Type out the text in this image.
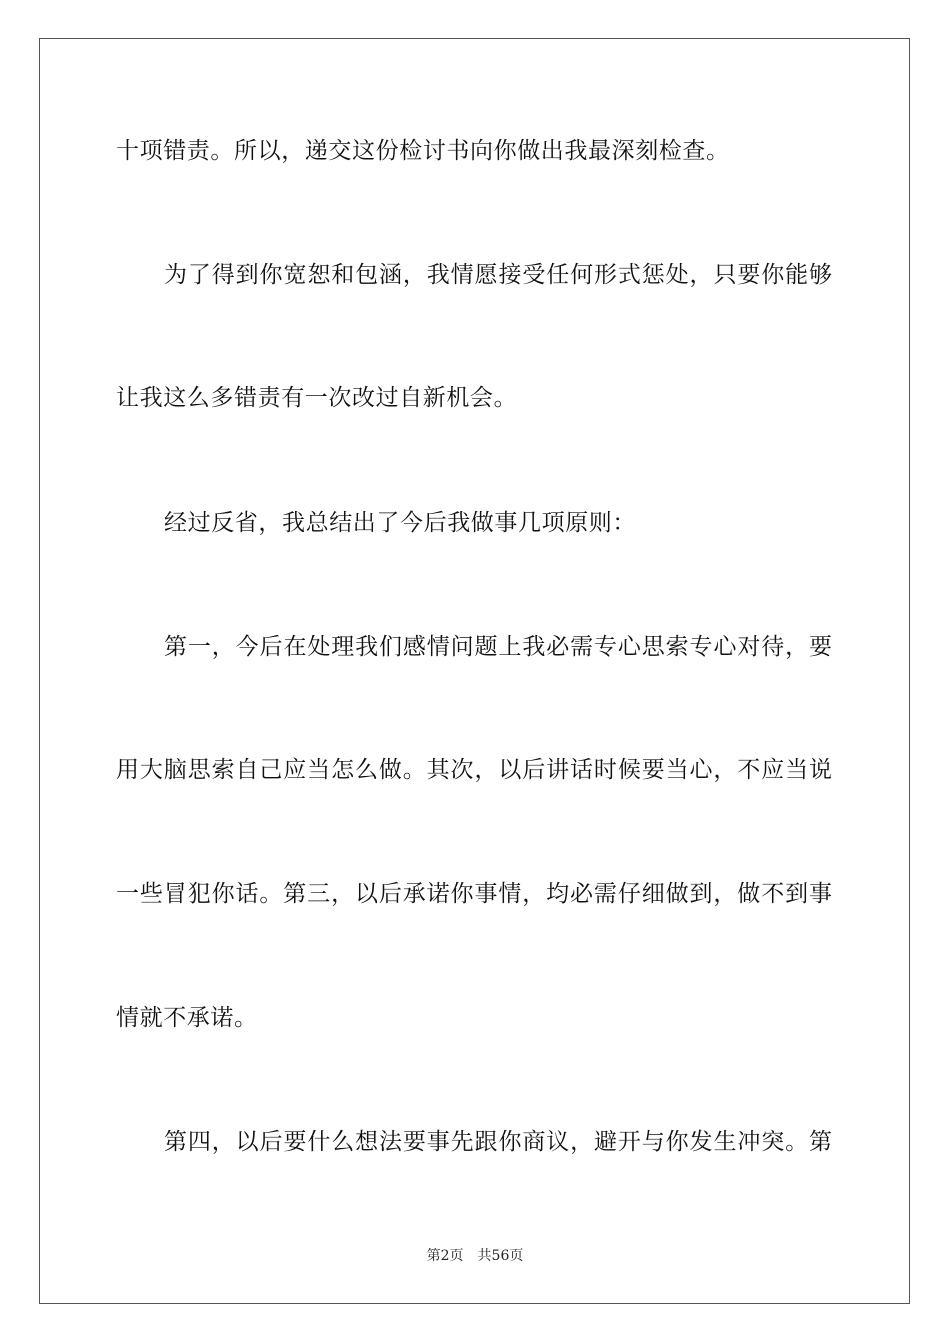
十项错责。所以，递交这份检讨书向你做出我最深刻检查。
为了得到你宽恕和包涵，我情愿接受任何形式惩处，只要你能够
让我这么多错责有一次改过自新机会。
经过反省，我总结出了今后我做事几项原则：
第一，今后在处理我们感情问题上我必需专心思索专心对待，要
用大脑思索自己应当怎么做。其次，以后讲话时候要当心，不应当说
一些冒犯你话。第三，以后承诺你事情，均必需仔细做到，做不到事
情就不承诺。
第四，以后要什么想法要事先跟你商议，避开与你发生冲突。第
第2页 共56页
